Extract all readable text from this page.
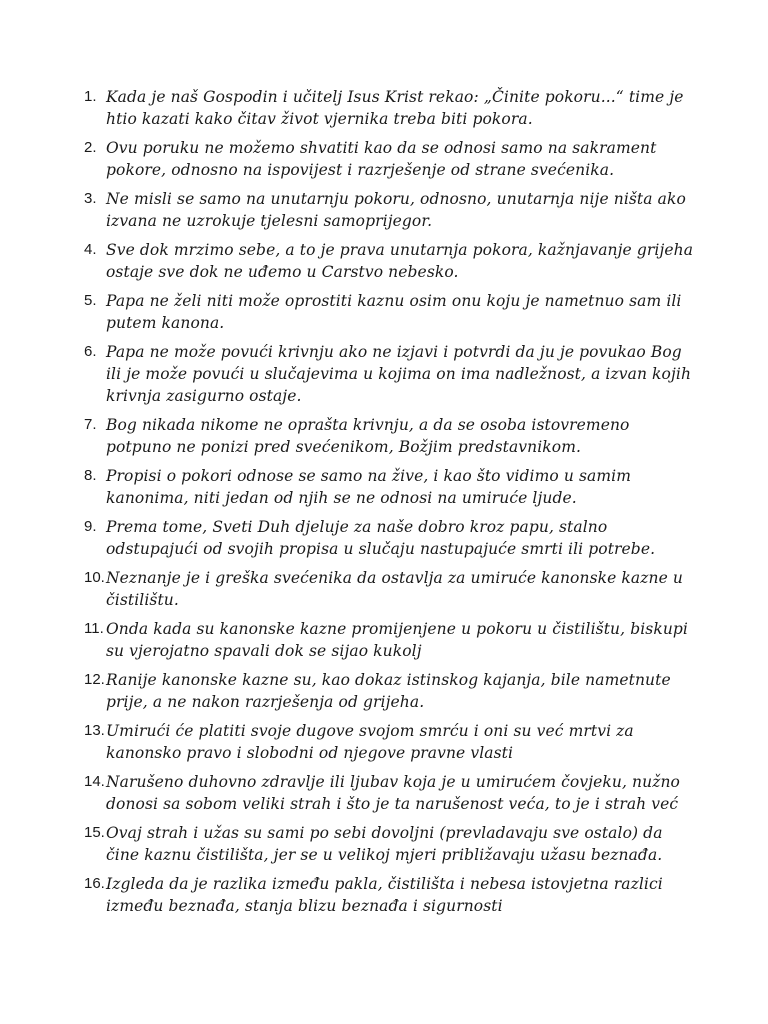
1. Kada je naš Gospodin i učitelj Isus Krist rekao: „Činite pokoru...“ time je htio kazati kako čitav život vjernika treba biti pokora.
2. Ovu poruku ne možemo shvatiti kao da se odnosi samo na sakrament pokore, odnosno na ispovijest i razrješenje od strane svećenika.
3. Ne misli se samo na unutarnju pokoru, odnosno, unutarnja nije ništa ako izvana ne uzrokuje tjelesni samoprijegor.
4. Sve dok mrzimo sebe, a to je prava unutarnja pokora, kažnjavanje grijeha ostaje sve dok ne uđemo u Carstvo nebesko.
5. Papa ne želi niti može oprostiti kaznu osim onu koju je nametnuo sam ili putem kanona.
6. Papa ne može povući krivnju ako ne izjavi i potvrdi da ju je povukao Bog ili je može povući u slučajevima u kojima on ima nadležnost, a izvan kojih krivnja zasigurno ostaje.
7. Bog nikada nikome ne oprašta krivnju, a da se osoba istovremeno potpuno ne ponizi pred svećenikom, Božjim predstavnikom.
8. Propisi o pokori odnose se samo na žive, i kao što vidimo u samim kanonima, niti jedan od njih se ne odnosi na umiruće ljude.
9. Prema tome, Sveti Duh djeluje za naše dobro kroz papu, stalno odstupajući od svojih propisa u slučaju nastupajuće smrti ili potrebe.
10. Neznanje je i greška svećenika da ostavlja za umiruće kanonske kazne u čistilištu.
11. Onda kada su kanonske kazne promijenjene u pokoru u čistilištu, biskupi su vjerojatno spavali dok se sijao kukolj
12. Ranije kanonske kazne su, kao dokaz istinskog kajanja, bile nametnute prije, a ne nakon razrješenja od grijeha.
13. Umirući će platiti svoje dugove svojom smrću i oni su već mrtvi za kanonsko pravo i slobodni od njegove pravne vlasti
14. Narušeno duhovno zdravlje ili ljubav koja je u umirućem čovjeku, nužno donosi sa sobom veliki strah i što je ta narušenost veća, to je i strah već
15. Ovaj strah i užas su sami po sebi dovoljni (prevladavaju sve ostalo) da čine kaznu čistilišta, jer se u velikoj mjeri približavaju užasu beznađa.
16. Izgleda da je razlika između pakla, čistilišta i nebesa istovjetna razlici između beznađa, stanja blizu beznađa i sigurnosti
